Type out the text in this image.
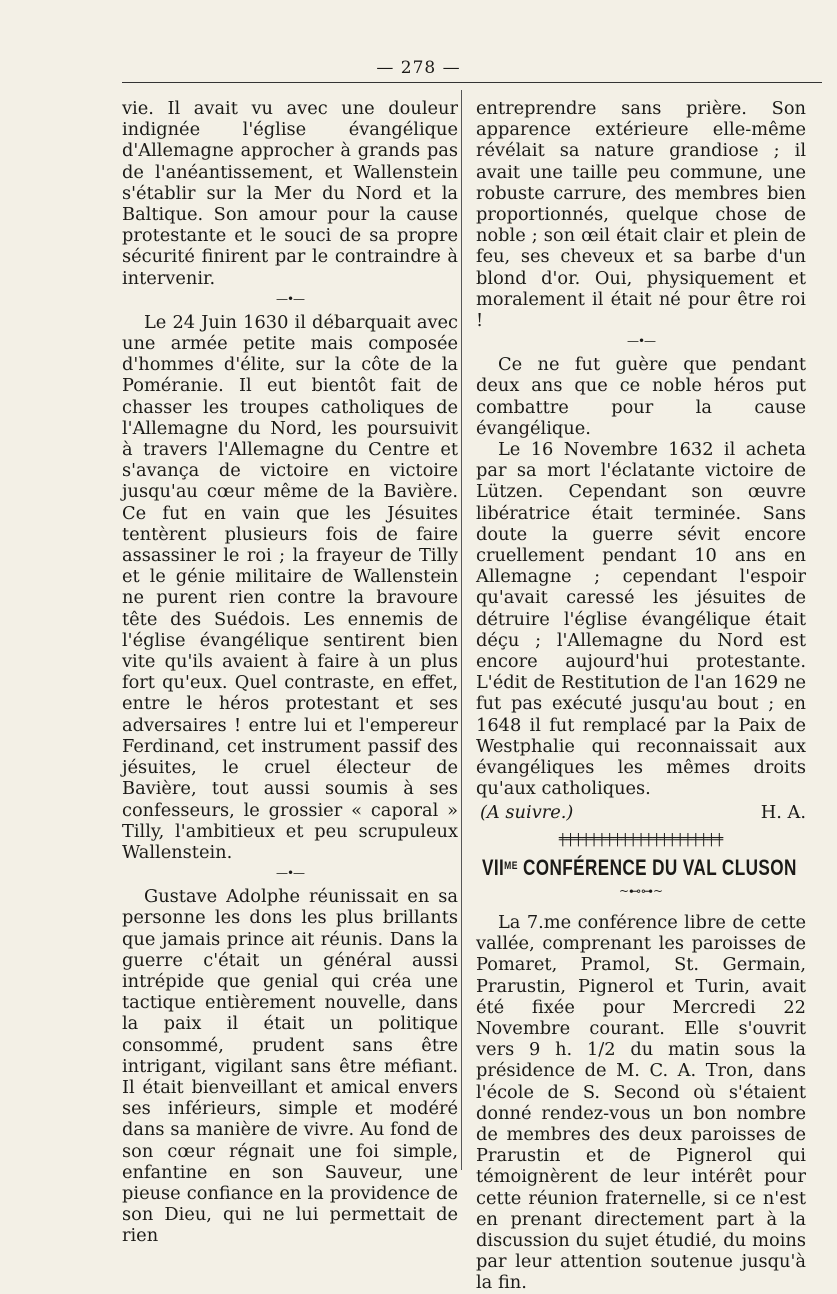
— 278 —

vie. Il avait vu avec une douleur indignée l'église évangélique d'Allemagne approcher à grands pas de l'anéantissement, et Wallenstein s'établir sur la Mer du Nord et la Baltique. Son amour pour la cause protestante et le souci de sa propre sécurité finirent par le contraindre à intervenir.

—•—

Le 24 Juin 1630 il débarquait avec une armée petite mais composée d'hommes d'élite, sur la côte de la Poméranie. Il eut bientôt fait de chasser les troupes catholiques de l'Allemagne du Nord, les poursuivit à travers l'Allemagne du Centre et s'avança de victoire en victoire jusqu'au cœur même de la Bavière. Ce fut en vain que les Jésuites tentèrent plusieurs fois de faire assassiner le roi ; la frayeur de Tilly et le génie militaire de Wallenstein ne purent rien contre la bravoure tête des Suédois. Les ennemis de l'église évangélique sentirent bien vite qu'ils avaient à faire à un plus fort qu'eux. Quel contraste, en effet, entre le héros protestant et ses adversaires ! entre lui et l'empereur Ferdinand, cet instrument passif des jésuites, le cruel électeur de Bavière, tout aussi soumis à ses confesseurs, le grossier « caporal » Tilly, l'ambitieux et peu scrupuleux Wallenstein.

—•—

Gustave Adolphe réunissait en sa personne les dons les plus brillants que jamais prince ait réunis. Dans la guerre c'était un général aussi intrépide que genial qui créa une tactique entièrement nouvelle, dans la paix il était un politique consommé, prudent sans être intrigant, vigilant sans être méfiant. Il était bienveillant et amical envers ses inférieurs, simple et modéré dans sa manière de vivre. Au fond de son cœur régnait une foi simple, enfantine en son Sauveur, une pieuse confiance en la providence de son Dieu, qui ne lui permettait de rien

entreprendre sans prière. Son apparence extérieure elle-même révélait sa nature grandiose ; il avait une taille peu commune, une robuste carrure, des membres bien proportionnés, quelque chose de noble ; son œil était clair et plein de feu, ses cheveux et sa barbe d'un blond d'or. Oui, physiquement et moralement il était né pour être roi !

—•—

Ce ne fut guère que pendant deux ans que ce noble héros put combattre pour la cause évangélique.

Le 16 Novembre 1632 il acheta par sa mort l'éclatante victoire de Lützen. Cependant son œuvre libératrice était terminée. Sans doute la guerre sévit encore cruellement pendant 10 ans en Allemagne ; cependant l'espoir qu'avait caressé les jésuites de détruire l'église évangélique était déçu ; l'Allemagne du Nord est encore aujourd'hui protestante. L'édit de Restitution de l'an 1629 ne fut pas exécuté jusqu'au bout ; en 1648 il fut remplacé par la Paix de Westphalie qui reconnaissait aux évangéliques les mêmes droits qu'aux catholiques.

(A suivre.)	H. A.
╪╪╪╪╪╪╪╪╪╪╪╪╪╪╪╪╪╪╪╪╪
$VII^{ME}$ CONFÉRENCE DU VAL CLUSON
~⊷⊶~

La 7.me conférence libre de cette vallée, comprenant les paroisses de Pomaret, Pramol, St. Germain, Prarustin, Pignerol et Turin, avait été fixée pour Mercredi 22 Novembre courant. Elle s'ouvrit vers 9 h. 1/2 du matin sous la présidence de M. C. A. Tron, dans l'école de S. Second où s'étaient donné rendez-vous un bon nombre de membres des deux paroisses de Prarustin et de Pignerol qui témoignèrent de leur intérêt pour cette réunion fraternelle, si ce n'est en prenant directement part à la discussion du sujet étudié, du moins par leur attention soutenue jusqu'à la fin.
